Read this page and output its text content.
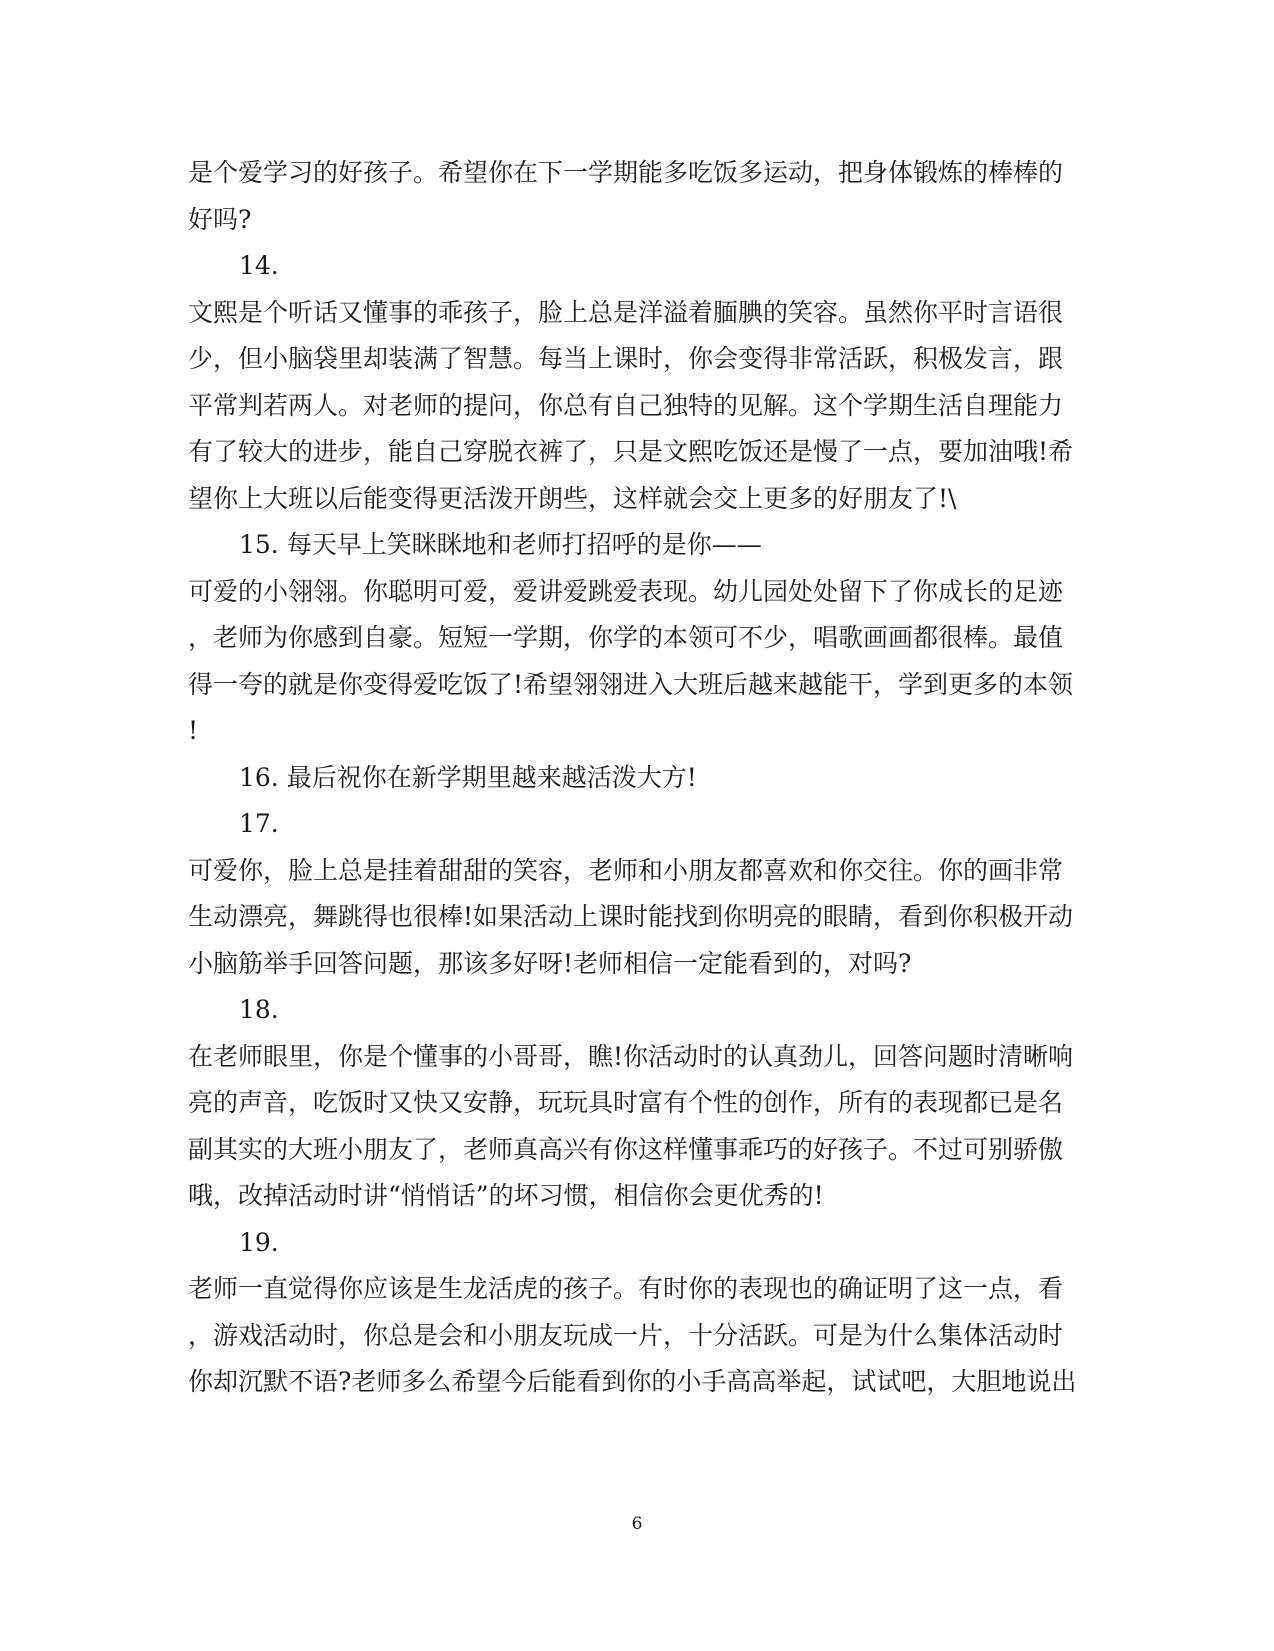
是个爱学习的好孩子。希望你在下一学期能多吃饭多运动，把身体锻炼的棒棒的
好吗?
14.
文熙是个听话又懂事的乖孩子，脸上总是洋溢着腼腆的笑容。虽然你平时言语很
少，但小脑袋里却装满了智慧。每当上课时，你会变得非常活跃，积极发言，跟
平常判若两人。对老师的提问，你总有自己独特的见解。这个学期生活自理能力
有了较大的进步，能自己穿脱衣裤了，只是文熙吃饭还是慢了一点，要加油哦!希
望你上大班以后能变得更活泼开朗些，这样就会交上更多的好朋友了!\
15. 每天早上笑眯眯地和老师打招呼的是你——
可爱的小翎翎。你聪明可爱，爱讲爱跳爱表现。幼儿园处处留下了你成长的足迹
，老师为你感到自豪。短短一学期，你学的本领可不少，唱歌画画都很棒。最值
得一夸的就是你变得爱吃饭了!希望翎翎进入大班后越来越能干，学到更多的本领
!
16. 最后祝你在新学期里越来越活泼大方!
17.
可爱你，脸上总是挂着甜甜的笑容，老师和小朋友都喜欢和你交往。你的画非常
生动漂亮，舞跳得也很棒!如果活动上课时能找到你明亮的眼睛，看到你积极开动
小脑筋举手回答问题，那该多好呀!老师相信一定能看到的，对吗?
18.
在老师眼里，你是个懂事的小哥哥，瞧!你活动时的认真劲儿，回答问题时清晰响
亮的声音，吃饭时又快又安静，玩玩具时富有个性的创作，所有的表现都已是名
副其实的大班小朋友了，老师真高兴有你这样懂事乖巧的好孩子。不过可别骄傲
哦，改掉活动时讲“悄悄话”的坏习惯，相信你会更优秀的!
19.
老师一直觉得你应该是生龙活虎的孩子。有时你的表现也的确证明了这一点，看
，游戏活动时，你总是会和小朋友玩成一片，十分活跃。可是为什么集体活动时
你却沉默不语?老师多么希望今后能看到你的小手高高举起，试试吧，大胆地说出
6
